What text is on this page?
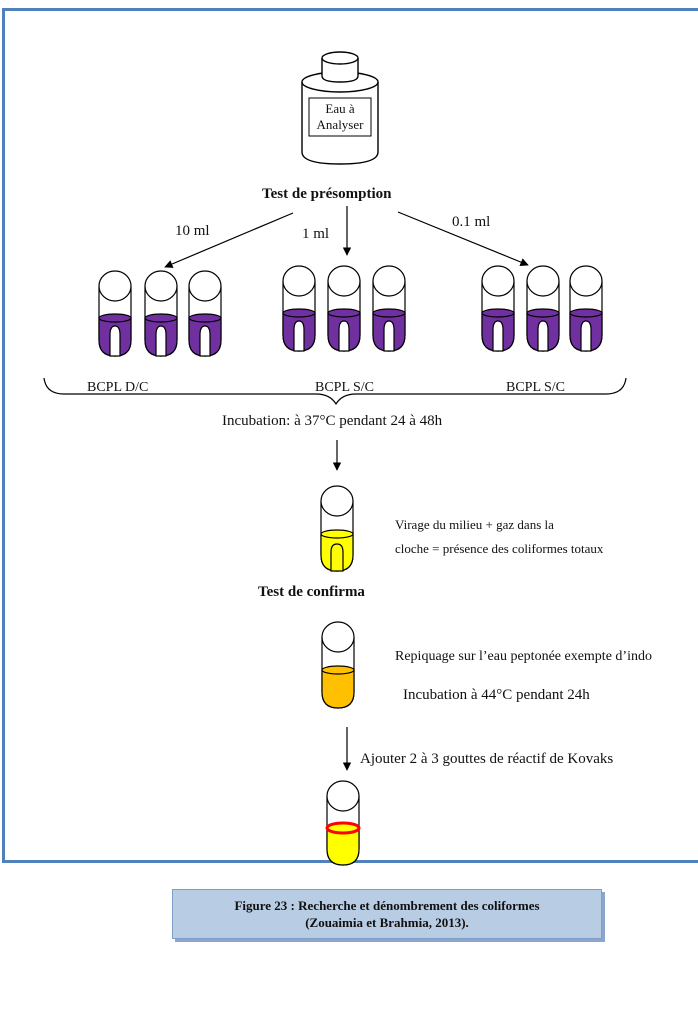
Eau à
Analyser
Test de présomption
10 ml	1 ml
0.1 ml
BCPL D/C	BCPL S/C	BCPL S/C
Incubation: à 37°C pendant 24 à 48h
Virage du milieu + gaz dans la
cloche = présence des coliformes totaux
Test de confirma
Repiquage sur l’eau peptonée exempte d’indo
Incubation à 44°C pendant 24h
Ajouter 2 à 3 gouttes de réactif de Kovaks
Figure 23 : Recherche et dénombrement des coliformes
(Zouaimia et Brahmia, 2013).
